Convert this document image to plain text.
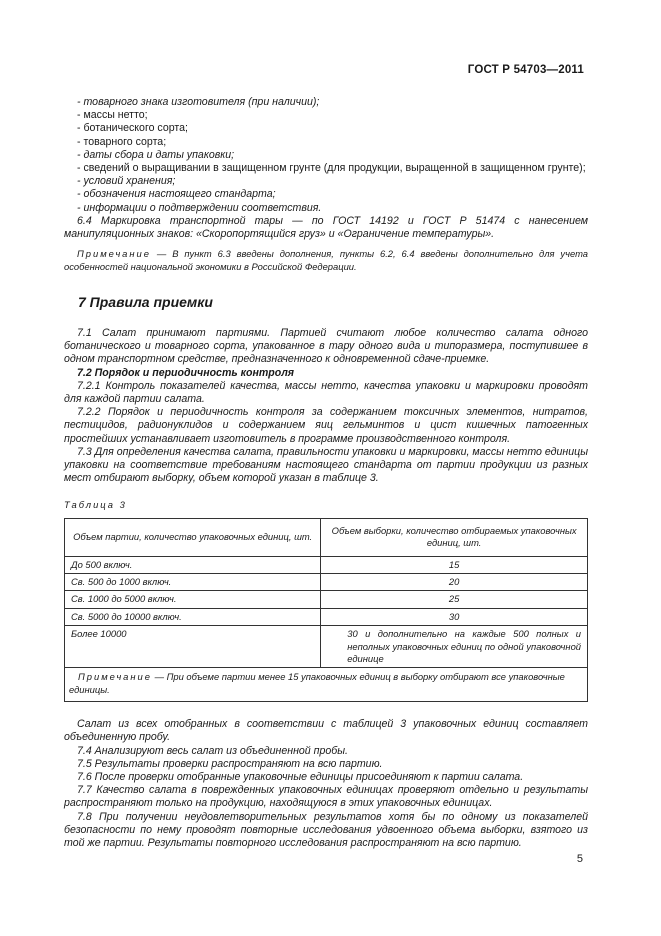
ГОСТ Р 54703—2011

- товарного знака изготовителя (при наличии);

- массы нетто;

- ботанического сорта;

- товарного сорта;

- даты сбора и даты упаковки;

- сведений о выращивании в защищенном грунте (для продукции, выращенной в защищенном грунте);

- условий хранения;

- обозначения настоящего стандарта;

- информации о подтверждении соответствия.

6.4 Маркировка транспортной тары — по ГОСТ 14192 и ГОСТ Р 51474 с нанесением манипуляционных знаков: «Скоропортящийся груз» и «Ограничение температуры».

Примечание — В пункт 6.3 введены дополнения, пункты 6.2, 6.4 введены дополнительно для учета особенностей национальной экономики в Российской Федерации.

7 Правила приемки

7.1 Салат принимают партиями. Партией считают любое количество салата одного ботанического и товарного сорта, упакованное в тару одного вида и типоразмера, поступившее в одном транспортном средстве, предназначенного к одновременной сдаче-приемке.

7.2 Порядок и периодичность контроля

7.2.1 Контроль показателей качества, массы нетто, качества упаковки и маркировки проводят для каждой партии салата.

7.2.2 Порядок и периодичность контроля за содержанием токсичных элементов, нитратов, пестицидов, радионуклидов и содержанием яиц гельминтов и цист кишечных патогенных простейших устанавливает изготовитель в программе производственного контроля.

7.3 Для определения качества салата, правильности упаковки и маркировки, массы нетто единицы упаковки на соответствие требованиям настоящего стандарта от партии продукции из разных мест отбирают выборку, объем которой указан в таблице 3.

Таблица 3

Объем партии, количество упаковочных единиц, шт.	Объем выборки, количество отбираемых упаковочных единиц, шт.
До 500 включ.	15
Св. 500 до 1000 включ.	20
Св. 1000 до 5000 включ.	25
Св. 5000 до 10000 включ.	30
Более 10000	30 и дополнительно на каждые 500 полных и неполных упаковочных единиц по одной упаковочной единице
Примечание — При объеме партии менее 15 упаковочных единиц в выборку отбирают все упаковочные единицы.	

Салат из всех отобранных в соответствии с таблицей 3 упаковочных единиц составляет объединенную пробу.

7.4 Анализируют весь салат из объединенной пробы.

7.5 Результаты проверки распространяют на всю партию.

7.6 После проверки отобранные упаковочные единицы присоединяют к партии салата.

7.7 Качество салата в поврежденных упаковочных единицах проверяют отдельно и результаты распространяют только на продукцию, находящуюся в этих упаковочных единицах.

7.8 При получении неудовлетворительных результатов хотя бы по одному из показателей безопасности по нему проводят повторные исследования удвоенного объема выборки, взятого из той же партии. Результаты повторного исследования распространяют на всю партию.

5
